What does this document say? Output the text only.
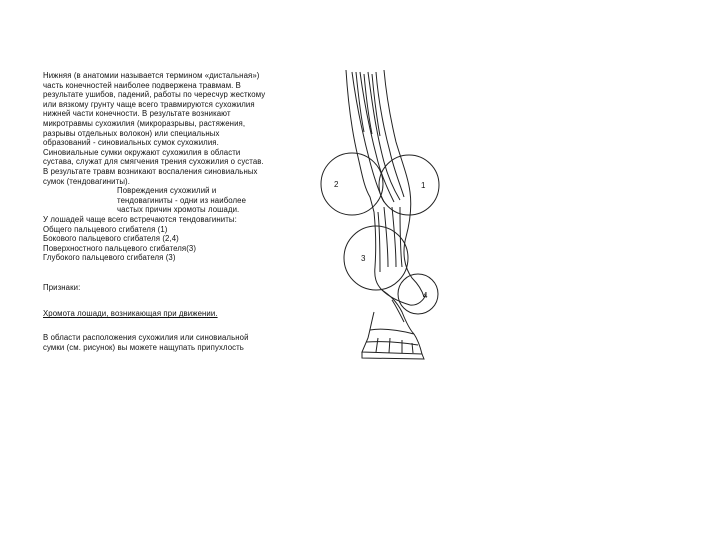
Нижняя (в анатомии называется термином «дистальная») часть конечностей наиболее подвержена травмам. В результате ушибов, падений, работы по чересчур жесткому или вязкому грунту чаще всего травмируются сухожилия нижней части конечности. В результате возникают микротравмы сухожилия (микроразрывы, растяжения, разрывы отдельных волокон) или специальных образований - синовиальных сумок сухожилия. Синовиальные сумки окружают сухожилия в области сустава, служат для смягчения трения сухожилия о сустав. В результате травм возникают воспаления синовиальных сумок (тендовагиниты).

Повреждения сухожилий и тендовагиниты - одни из наиболее частых причин хромоты лошади.

У лошадей чаще всего встречаются тендовагиниты:

Общего пальцевого сгибателя (1)

Бокового пальцевого сгибателя (2,4)

Поверхностного пальцевого сгибателя(3)

Глубокого пальцевого сгибателя (3)

Признаки:

Хромота лошади, возникающая при движении.

В области расположения сухожилия или синовиальной сумки (см. рисунок) вы можете нащупать припухлость

2	1
3
4
